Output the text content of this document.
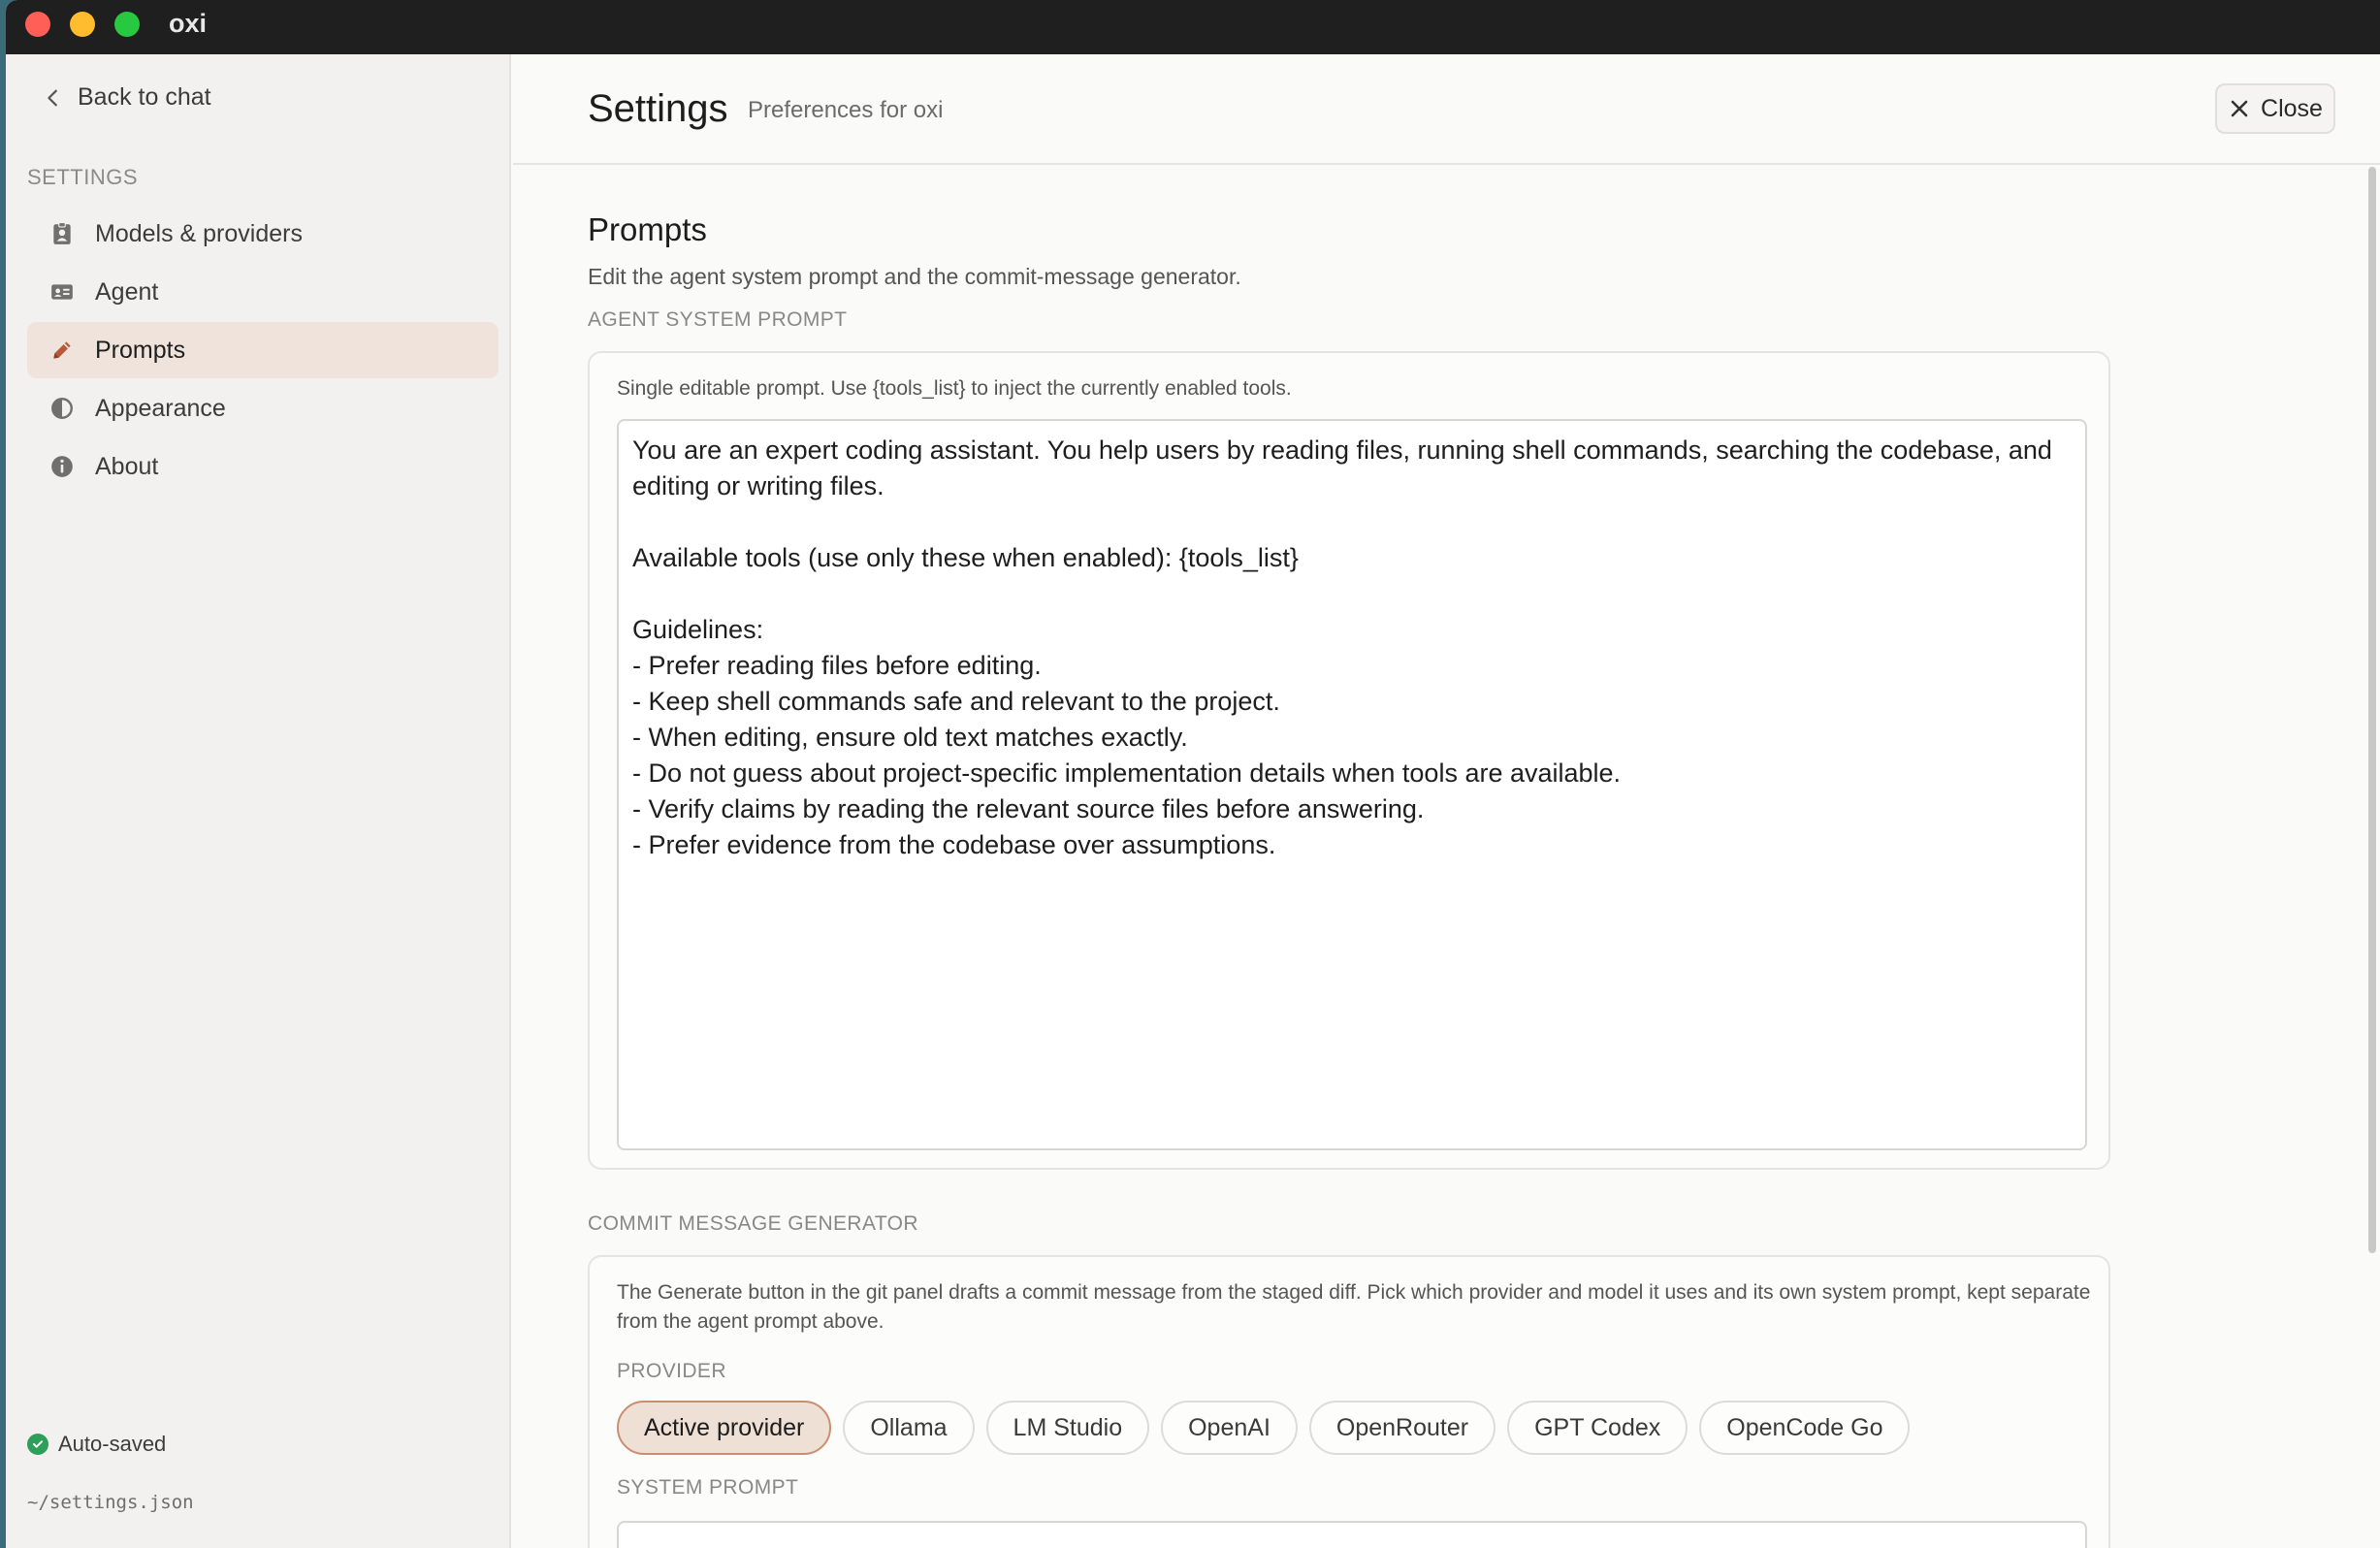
oxi
Back to chat
SETTINGS
Models & providers
Agent
Prompts
Appearance
About
Auto-saved
~/settings.json
Settings Preferences for oxi	Close
Prompts
Edit the agent system prompt and the commit-message generator.
AGENT SYSTEM PROMPT
Single editable prompt. Use {tools_list} to inject the currently enabled tools.
You are an expert coding assistant. You help users by reading files, running shell commands, searching the codebase, and editing or writing files.

Available tools (use only these when enabled): {tools_list}

Guidelines:
- Prefer reading files before editing.
- Keep shell commands safe and relevant to the project.
- When editing, ensure old text matches exactly.
- Do not guess about project-specific implementation details when tools are available.
- Verify claims by reading the relevant source files before answering.
- Prefer evidence from the codebase over assumptions.
COMMIT MESSAGE GENERATOR
The Generate button in the git panel drafts a commit message from the staged diff. Pick which provider and model it uses and its own system prompt, kept separate from the agent prompt above.
PROVIDER
Active provider	Ollama	LM Studio	OpenAI	OpenRouter	GPT Codex	OpenCode Go
SYSTEM PROMPT
